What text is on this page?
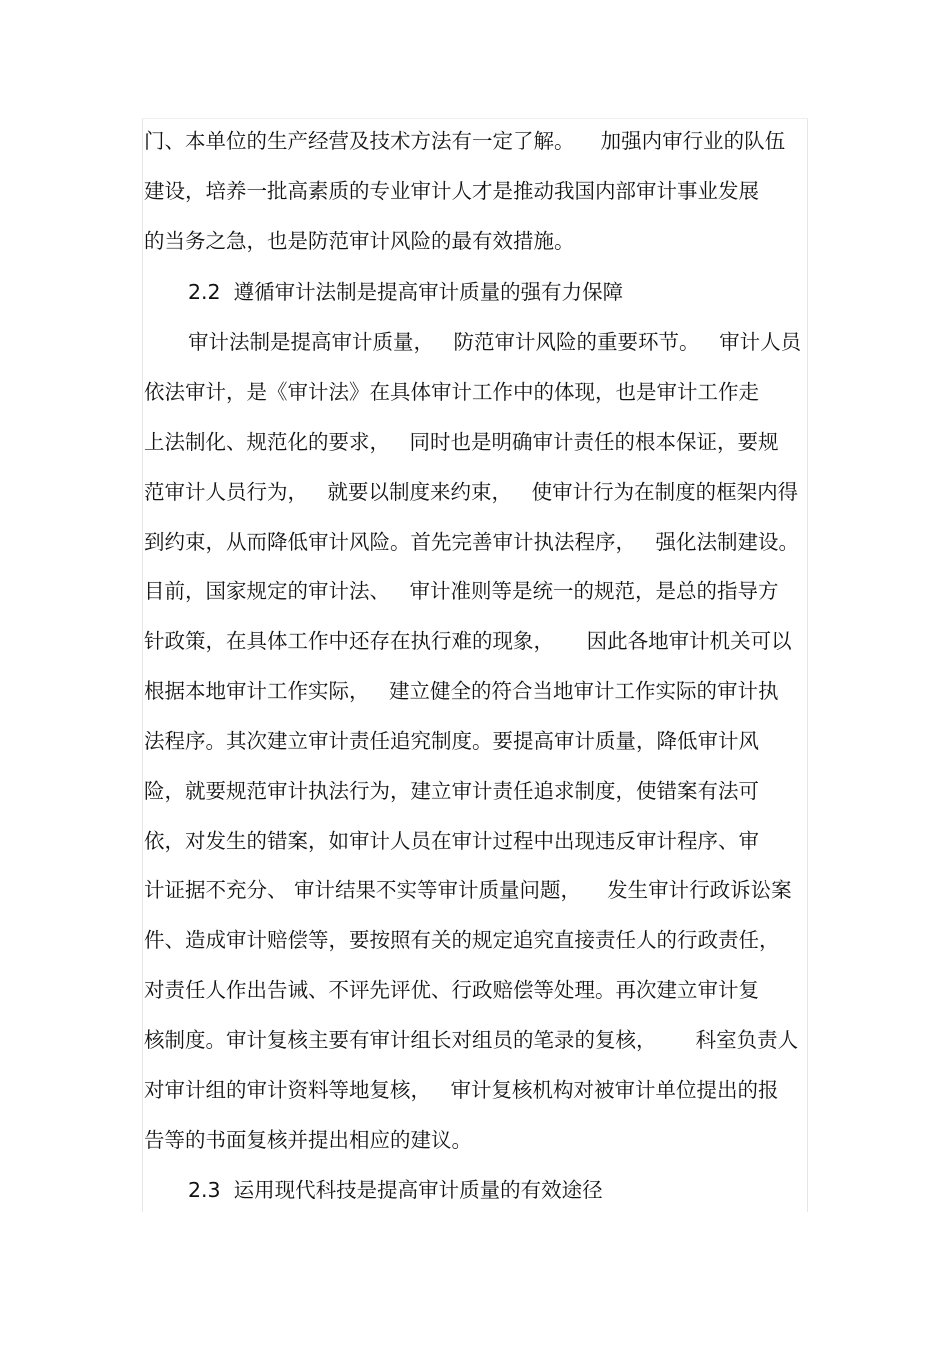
门、本单位的生产经营及技术方法有一定了解。    加强内审行业的队伍
建设，培养一批高素质的专业审计人才是推动我国内部审计事业发展
的当务之急，也是防范审计风险的最有效措施。
2.2  遵循审计法制是提高审计质量的强有力保障
审计法制是提高审计质量，   防范审计风险的重要环节。   审计人员
依法审计，是《审计法》在具体审计工作中的体现，也是审计工作走
上法制化、规范化的要求，   同时也是明确审计责任的根本保证，要规
范审计人员行为，   就要以制度来约束，   使审计行为在制度的框架内得
到约束，从而降低审计风险。首先完善审计执法程序，   强化法制建设。
目前，国家规定的审计法、   审计准则等是统一的规范，是总的指导方
针政策，在具体工作中还存在执行难的现象，     因此各地审计机关可以
根据本地审计工作实际，   建立健全的符合当地审计工作实际的审计执
法程序。其次建立审计责任追究制度。要提高审计质量，降低审计风
险，就要规范审计执法行为，建立审计责任追求制度，使错案有法可
依，对发生的错案，如审计人员在审计过程中出现违反审计程序、审
计证据不充分、 审计结果不实等审计质量问题，    发生审计行政诉讼案
件、造成审计赔偿等，要按照有关的规定追究直接责任人的行政责任，
对责任人作出告诫、不评先评优、行政赔偿等处理。再次建立审计复
核制度。审计复核主要有审计组长对组员的笔录的复核，      科室负责人
对审计组的审计资料等地复核，   审计复核机构对被审计单位提出的报
告等的书面复核并提出相应的建议。
2.3  运用现代科技是提高审计质量的有效途径
